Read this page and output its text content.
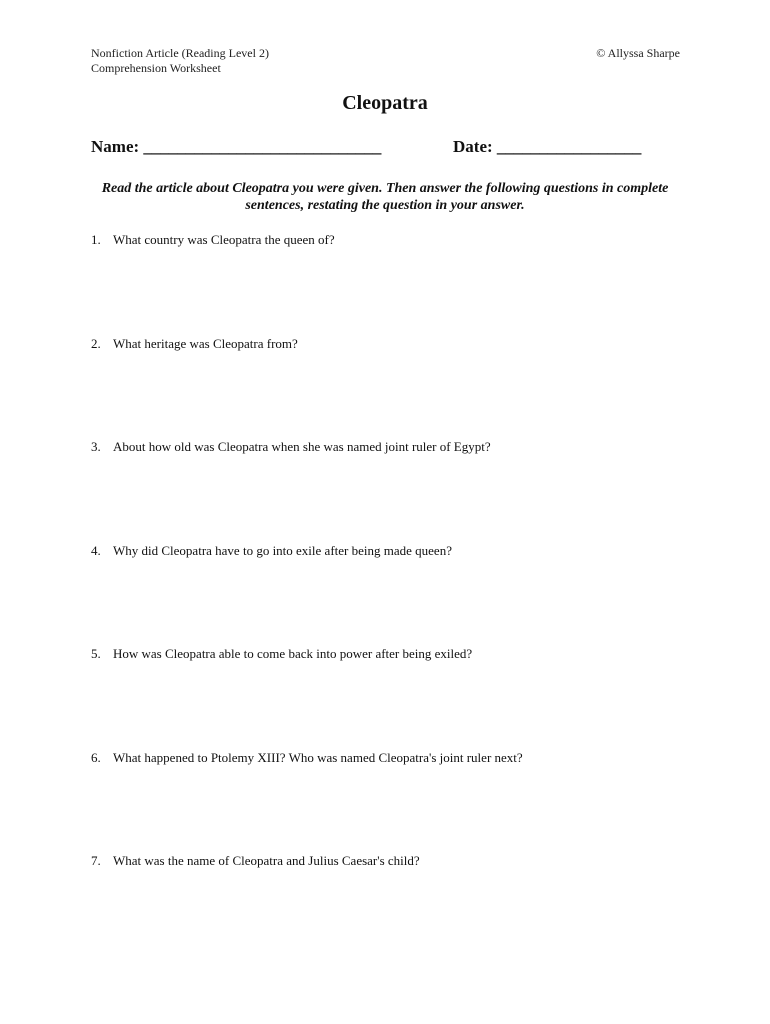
Nonfiction Article (Reading Level 2)
Comprehension Worksheet
© Allyssa Sharpe
Cleopatra
Name: ____________________________	Date: _________________
Read the article about Cleopatra you were given. Then answer the following questions in complete sentences, restating the question in your answer.
1. What country was Cleopatra the queen of?
2. What heritage was Cleopatra from?
3. About how old was Cleopatra when she was named joint ruler of Egypt?
4. Why did Cleopatra have to go into exile after being made queen?
5. How was Cleopatra able to come back into power after being exiled?
6. What happened to Ptolemy XIII? Who was named Cleopatra's joint ruler next?
7. What was the name of Cleopatra and Julius Caesar's child?
